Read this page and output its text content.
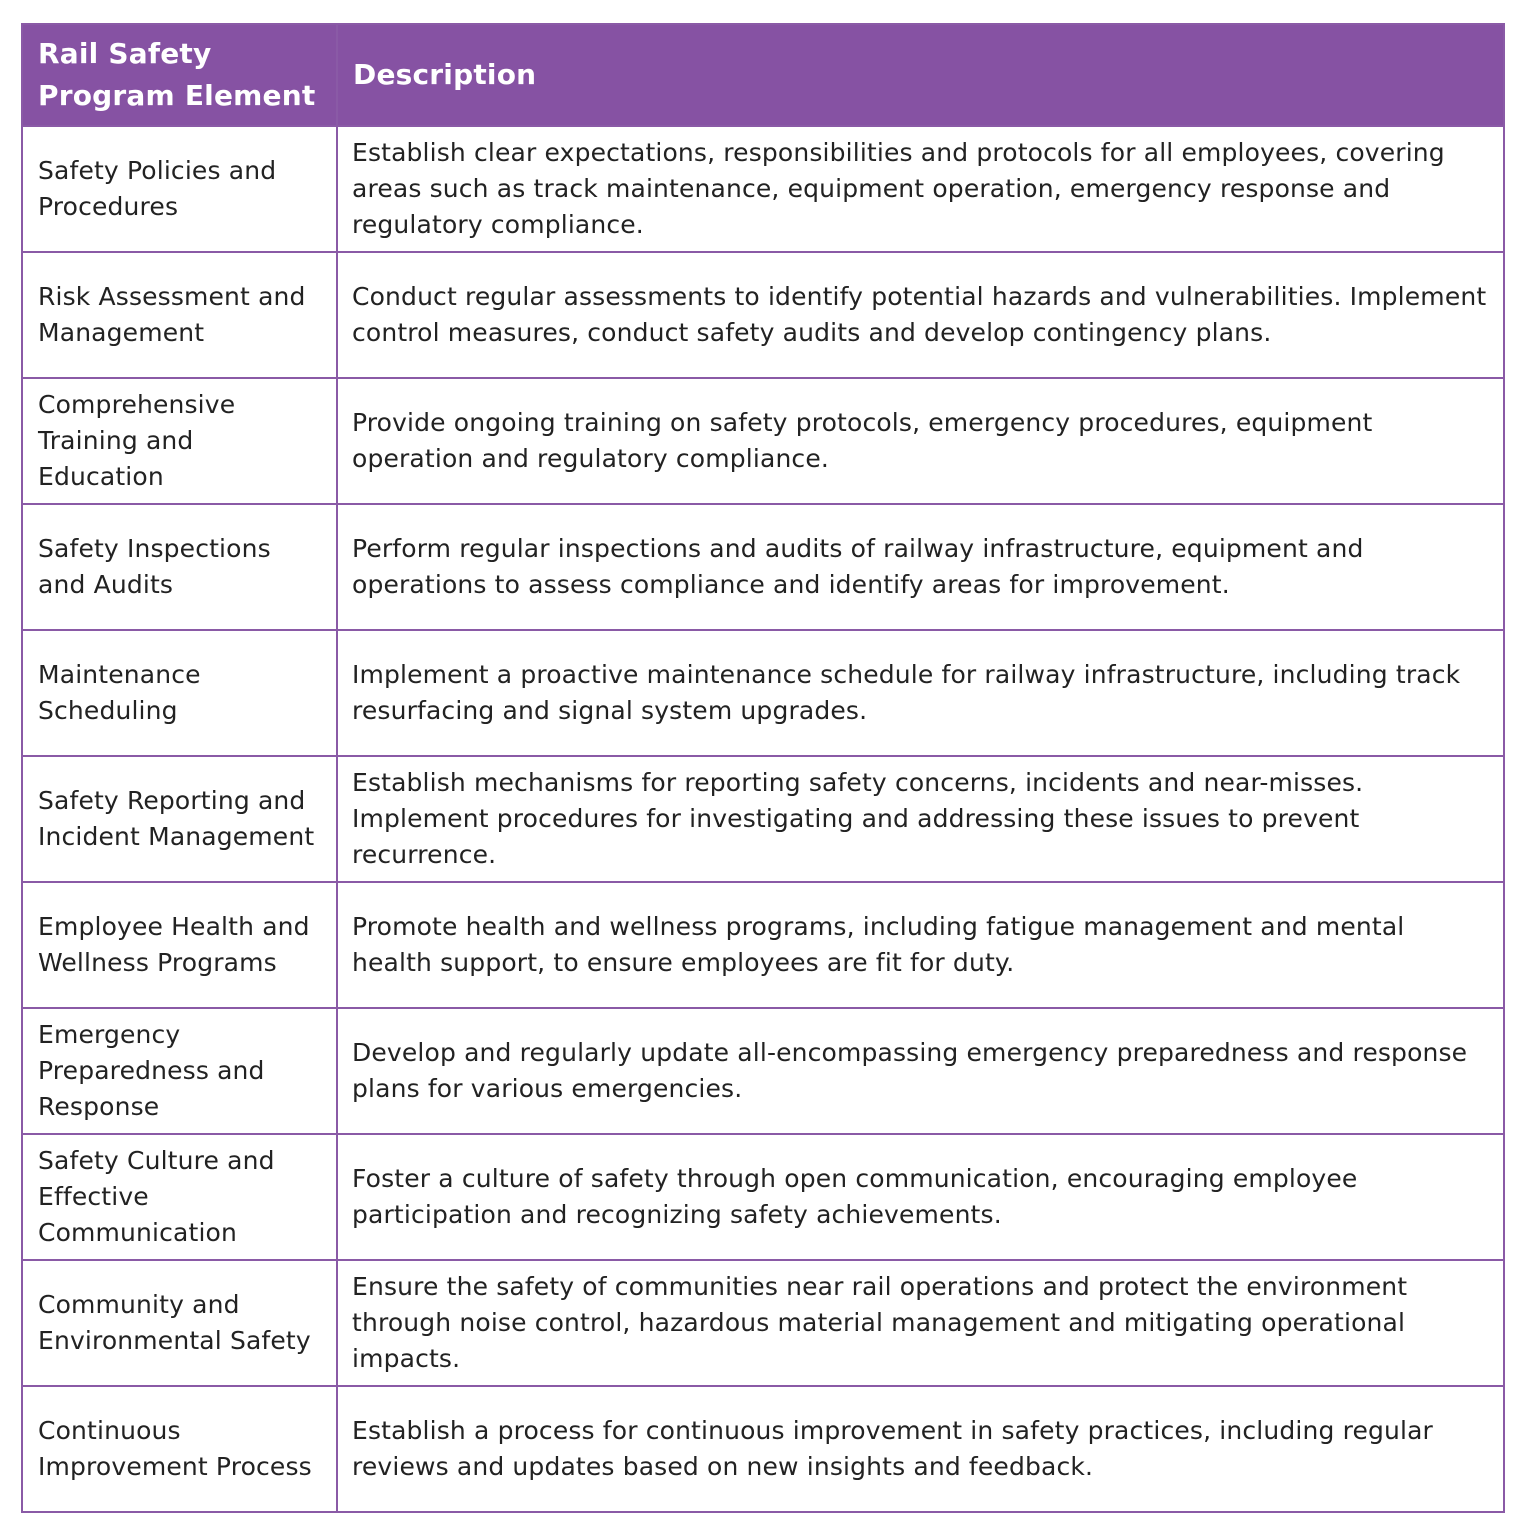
Rail Safety Program Element	Description
Safety Policies and Procedures	Establish clear expectations, responsibilities and protocols for all employees, covering areas such as track maintenance, equipment operation, emergency response and regulatory compliance.
Risk Assessment and Management	Conduct regular assessments to identify potential hazards and vulnerabilities. Implement control measures, conduct safety audits and develop contingency plans.
Comprehensive Training and Education	Provide ongoing training on safety protocols, emergency procedures, equipment operation and regulatory compliance.
Safety Inspections and Audits	Perform regular inspections and audits of railway infrastructure, equipment and operations to assess compliance and identify areas for improvement.
Maintenance Scheduling	Implement a proactive maintenance schedule for railway infrastructure, including track resurfacing and signal system upgrades.
Safety Reporting and Incident Management	Establish mechanisms for reporting safety concerns, incidents and near-misses. Implement procedures for investigating and addressing these issues to prevent recurrence.
Employee Health and Wellness Programs	Promote health and wellness programs, including fatigue management and mental health support, to ensure employees are fit for duty.
Emergency Preparedness and Response	Develop and regularly update all-encompassing emergency preparedness and response plans for various emergencies.
Safety Culture and Effective Communication	Foster a culture of safety through open communication, encouraging employee participation and recognizing safety achievements.
Community and Environmental Safety	Ensure the safety of communities near rail operations and protect the environment through noise control, hazardous material management and mitigating operational impacts.
Continuous Improvement Process	Establish a process for continuous improvement in safety practices, including regular reviews and updates based on new insights and feedback.
